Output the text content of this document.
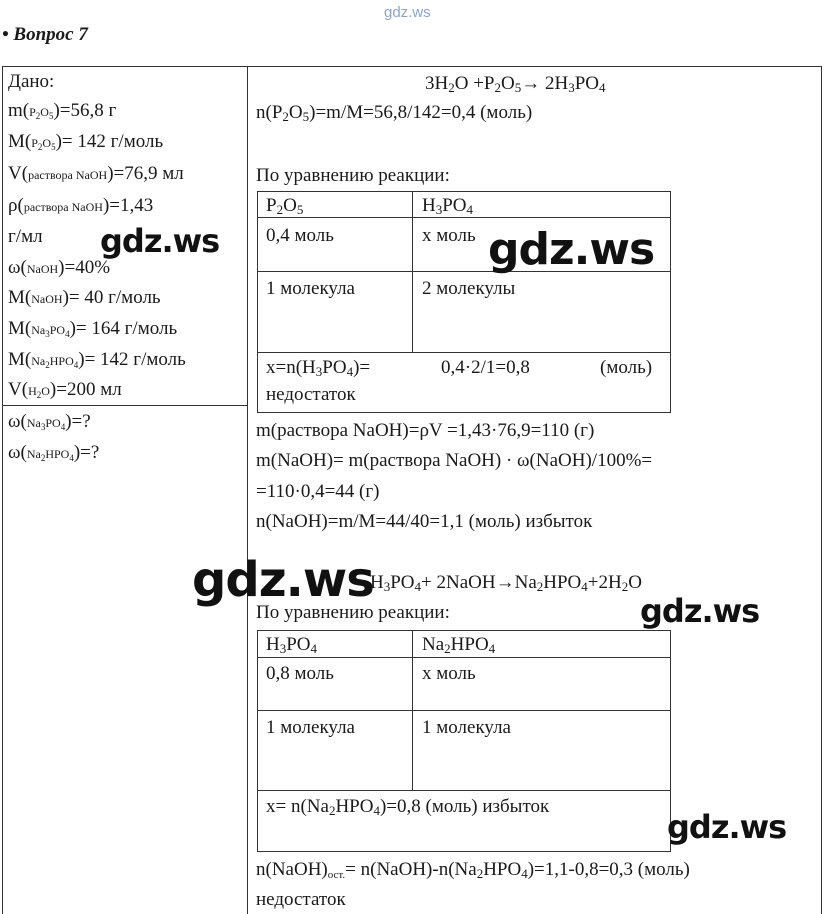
gdz.ws
• Вопрос 7
Дано:
$m(P_2O_5)=56,8$ г
$M(P_2O_5)= 142$ г/моль
V(раствора NaOH)=76,9 мл
ρ(раствора NaOH)=1,43
г/мл
ω(NaOH)=40%
M(NaOH)= 40 г/моль
$M(Na_3PO_4)= 164$ г/моль
$M(Na_2HPO_4)= 142$ г/моль
$V(H_2O)=200$ мл
$\omega(Na_3PO_4)=$?
$\omega(Na_2HPO_4)=$?
$3H_2O +P_2O_5\to 2H_3PO_4$
$n(P_2O_5)=m/M=56,8/142=0,4$ (моль)
По уравнению реакции:
$P_2O_5$	$H_3PO_4$
0,4 моль	x моль
1 молекула	2 молекулы
$x=n(H_3PO_4)=$	0,4·2/1=0,8	(моль)
недостаток
m(раствора NaOH)=ρV =1,43·76,9=110 (г)
m(NaOH)= m(раствора NaOH) · ω(NaOH)/100%=
=110·0,4=44 (г)
n(NaOH)=m/M=44/40=1,1 (моль) избыток
$H_3PO_4+$ $2NaOH\to Na_2HPO_4+2H_2O$
По уравнению реакции:
$H_3PO_4$	$Na_2HPO_4$
0,8 моль	x моль
1 молекула	1 молекула
$x= n(Na_2HPO_4)=0,8$ (моль) избыток
$n(NaOH)_{ост.}=$ $n(NaOH)-n(Na_2HPO_4)=1,1-0,8=0,3$ (моль)
недостаток
gdz.ws	gdz.ws
gdz.ws
gdz.ws
gdz.ws
